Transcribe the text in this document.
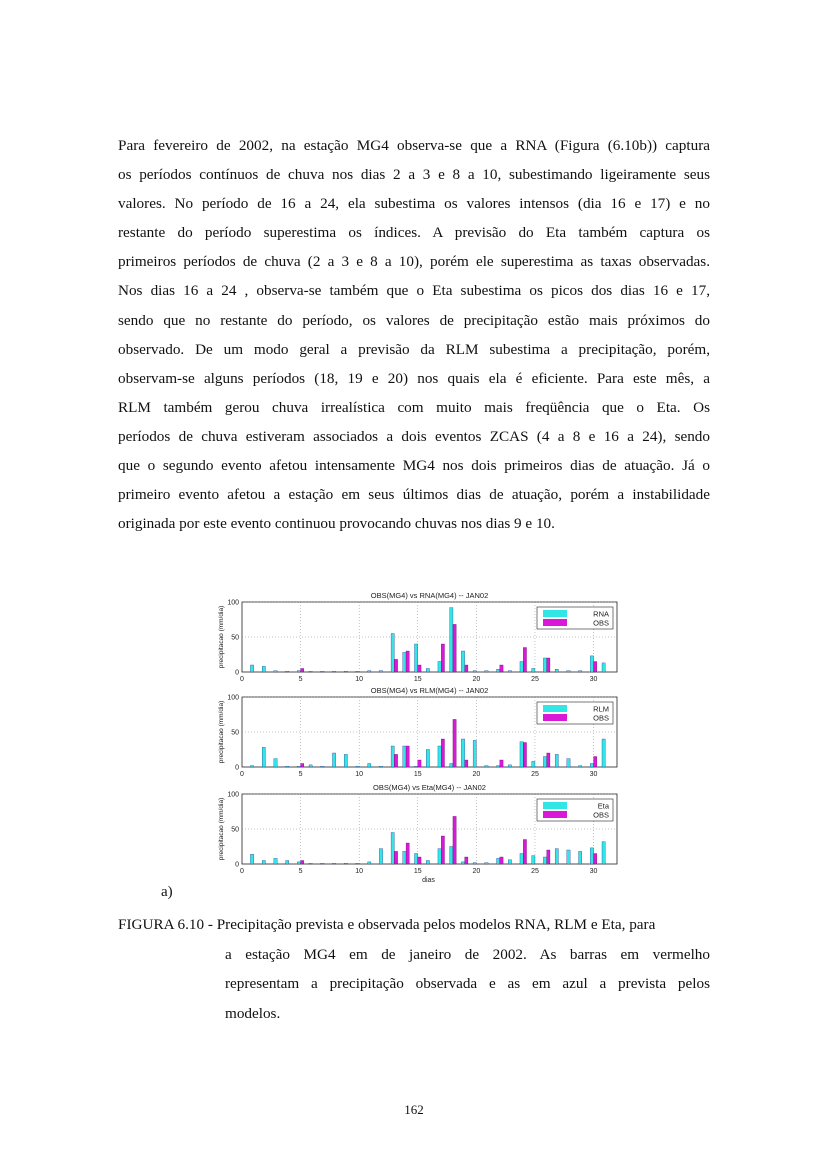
Para fevereiro de 2002, na estação MG4 observa-se que a RNA (Figura (6.10b)) captura
os períodos contínuos de chuva nos dias 2 a 3 e 8 a 10, subestimando ligeiramente seus
valores. No período de 16 a 24, ela subestima os valores intensos (dia 16 e 17) e no
restante do período superestima os índices. A previsão do Eta também captura os
primeiros períodos de chuva (2 a 3 e 8 a 10), porém ele superestima as taxas observadas.
Nos dias 16 a 24 , observa-se também que o Eta subestima os picos dos dias 16 e 17,
sendo que no restante do período, os valores de precipitação estão mais próximos do
observado. De um modo geral a previsão da RLM subestima a precipitação, porém,
observam-se alguns períodos (18, 19 e 20) nos quais ela é eficiente. Para este mês, a
RLM também gerou chuva irrealística com muito mais freqüência que o Eta. Os
períodos de chuva estiveram associados a dois eventos ZCAS (4 a 8 e 16 a 24), sendo
que o segundo evento afetou intensamente MG4 nos dois primeiros dias de atuação. Já o
primeiro evento afetou a estação em seus últimos dias de atuação, porém a instabilidade
originada por este evento continuou provocando chuvas nos dias 9 e 10.
OBS(MG4) vs RNA(MG4) -- JAN02
0	5	10	15	20	25	30
0
50
100
precipitacao (mm/dia)	RNA
OBS
OBS(MG4) vs RLM(MG4) -- JAN02
0	5	10	15	20	25	30
0
50
100
precipitacao (mm/dia)	RLM
OBS
OBS(MG4) vs Eta(MG4) -- JAN02
0	5	10	15	20	25	30
0
50
100
precipitacao (mm/dia)
dias
Eta
OBS
a)
FIGURA 6.10 - Precipitação prevista e observada pelos modelos RNA, RLM e Eta, para
a estação MG4 em de janeiro de 2002. As barras em vermelho
representam a precipitação observada e as em azul a prevista pelos
modelos.
162
